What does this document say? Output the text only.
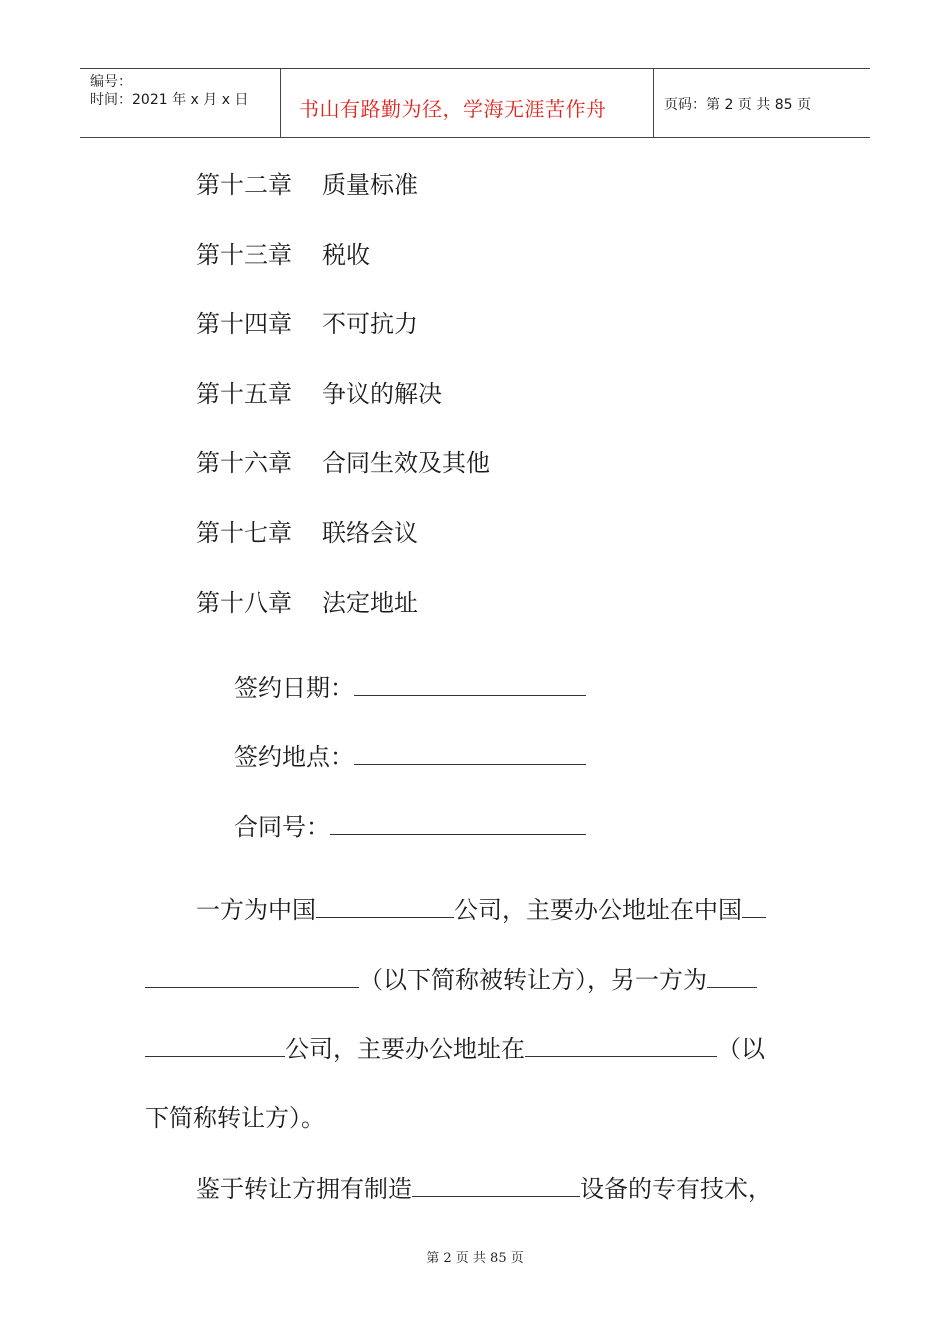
编号：
时间：2021 年 x 月 x 日	书山有路勤为径，学海无涯苦作舟	页码：第 2 页 共 85 页
第十二章 质量标准
第十三章 税收
第十四章 不可抗力
第十五章 争议的解决
第十六章 合同生效及其他
第十七章 联络会议
第十八章 法定地址
签约日期：
签约地点：
合同号：
一方为中国	公司，主要办公地址在中国
（以下简称被转让方），另一方为
公司，主要办公地址在	（以
下简称转让方）。
鉴于转让方拥有制造	设备的专有技术，
第 2 页 共 85 页
